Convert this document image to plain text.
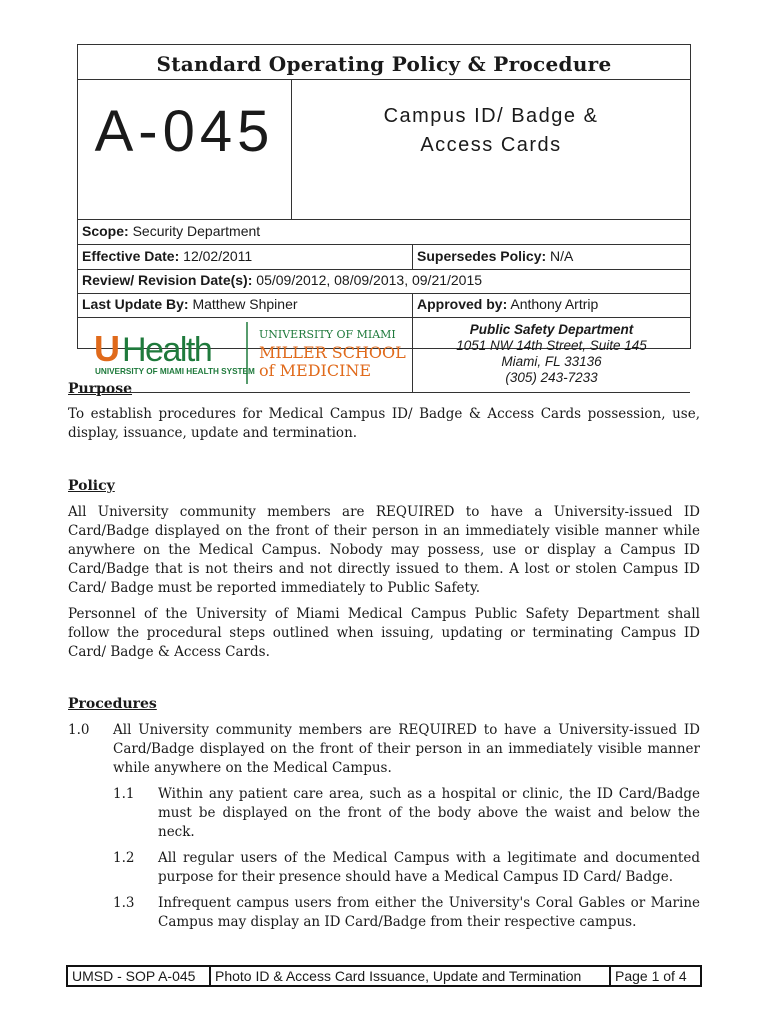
Standard Operating Policy & Procedure
A-045	Campus ID/ Badge &
Access Cards
Scope: Security Department
Effective Date: 12/02/2011	Supersedes Policy: N/A
Review/ Revision Date(s): 05/09/2012, 08/09/2013, 09/21/2015
Last Update By: Matthew Shpiner	Approved by: Anthony Artrip
U Health
UNIVERSITY OF MIAMI HEALTH SYSTEM
UNIVERSITY OF MIAMI
MILLER SCHOOL
of MEDICINE
Public Safety Department
1051 NW 14th Street, Suite 145
Miami, FL 33136
(305) 243-7233
Purpose
To establish procedures for Medical Campus ID/ Badge & Access Cards possession, use, display, issuance, update and termination.
Policy
All University community members are REQUIRED to have a University-issued ID Card/Badge displayed on the front of their person in an immediately visible manner while anywhere on the Medical Campus. Nobody may possess, use or display a Campus ID Card/Badge that is not theirs and not directly issued to them. A lost or stolen Campus ID Card/ Badge must be reported immediately to Public Safety.
Personnel of the University of Miami Medical Campus Public Safety Department shall follow the procedural steps outlined when issuing, updating or terminating Campus ID Card/ Badge & Access Cards.
Procedures
1.0 All University community members are REQUIRED to have a University-issued ID Card/Badge displayed on the front of their person in an immediately visible manner while anywhere on the Medical Campus.
1.1 Within any patient care area, such as a hospital or clinic, the ID Card/Badge must be displayed on the front of the body above the waist and below the neck.
1.2 All regular users of the Medical Campus with a legitimate and documented purpose for their presence should have a Medical Campus ID Card/ Badge.
1.3 Infrequent campus users from either the University's Coral Gables or Marine Campus may display an ID Card/Badge from their respective campus.
UMSD - SOP A-045	Photo ID & Access Card Issuance, Update and Termination	Page 1 of 4
